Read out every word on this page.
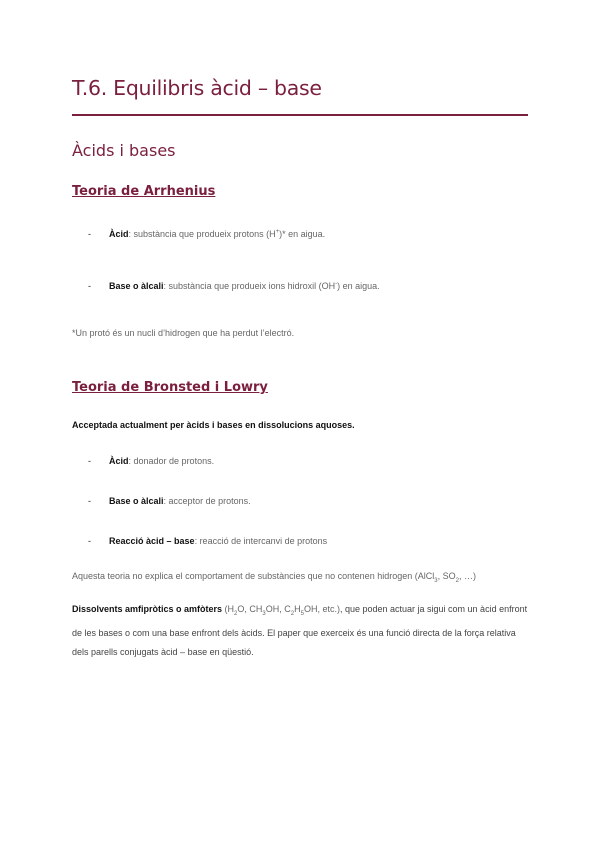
T.6. Equilibris àcid – base
Àcids i bases
Teoria de Arrhenius
- Àcid: substància que produeix protons (H+)* en aigua.
- Base o àlcali: substància que produeix ions hidroxil (OH-) en aigua.
*Un protó és un nucli d’hidrogen que ha perdut l’electró.
Teoria de Bronsted i Lowry
Acceptada actualment per àcids i bases en dissolucions aquoses.
- Àcid: donador de protons.
- Base o àlcali: acceptor de protons.
- Reacció àcid – base: reacció de intercanvi de protons
Aquesta teoria no explica el comportament de substàncies que no contenen hidrogen (AlCl$_3$, $SO_2$, …)
Dissolvents amfipròtics o amfòters ($H_2O$, $CH_3OH$, $C_2H_5OH$, etc.), que poden actuar ja sigui com un àcid enfront de les bases o com una base enfront dels àcids. El paper que exerceix és una funció directa de la força relativa dels parells conjugats àcid – base en qüestió.
